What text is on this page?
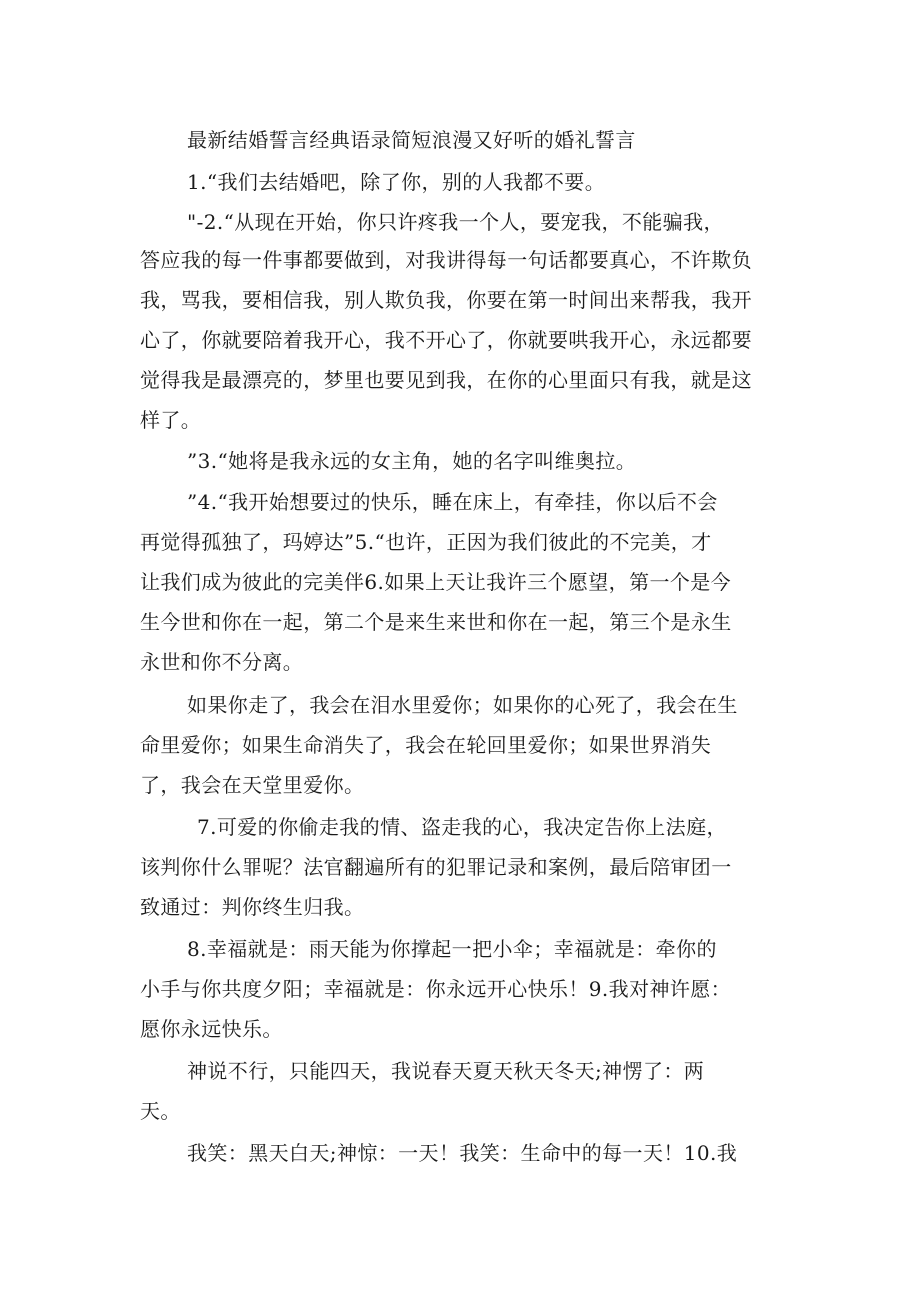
最新结婚誓言经典语录简短浪漫又好听的婚礼誓言
1.“我们去结婚吧，除了你，别的人我都不要。
"-2.“从现在开始，你只许疼我一个人，要宠我，不能骗我，
答应我的每一件事都要做到，对我讲得每一句话都要真心，不许欺负
我，骂我，要相信我，别人欺负我，你要在第一时间出来帮我，我开
心了，你就要陪着我开心，我不开心了，你就要哄我开心，永远都要
觉得我是最漂亮的，梦里也要见到我，在你的心里面只有我，就是这
样了。
”3.“她将是我永远的女主角，她的名字叫维奥拉。
”4.“我开始想要过的快乐，睡在床上，有牵挂，你以后不会
再觉得孤独了，玛婷达”5.“也许，正因为我们彼此的不完美，才
让我们成为彼此的完美伴6.如果上天让我许三个愿望，第一个是今
生今世和你在一起，第二个是来生来世和你在一起，第三个是永生
永世和你不分离。
如果你走了，我会在泪水里爱你；如果你的心死了，我会在生
命里爱你；如果生命消失了，我会在轮回里爱你；如果世界消失
了，我会在天堂里爱你。
7.可爱的你偷走我的情、盗走我的心，我决定告你上法庭，
该判你什么罪呢？法官翻遍所有的犯罪记录和案例，最后陪审团一
致通过：判你终生归我。
8.幸福就是：雨天能为你撑起一把小伞；幸福就是：牵你的
小手与你共度夕阳；幸福就是：你永远开心快乐！9.我对神许愿：
愿你永远快乐。
神说不行，只能四天，我说春天夏天秋天冬天;神愣了：两
天。
我笑：黑天白天;神惊：一天！我笑：生命中的每一天！10.我
